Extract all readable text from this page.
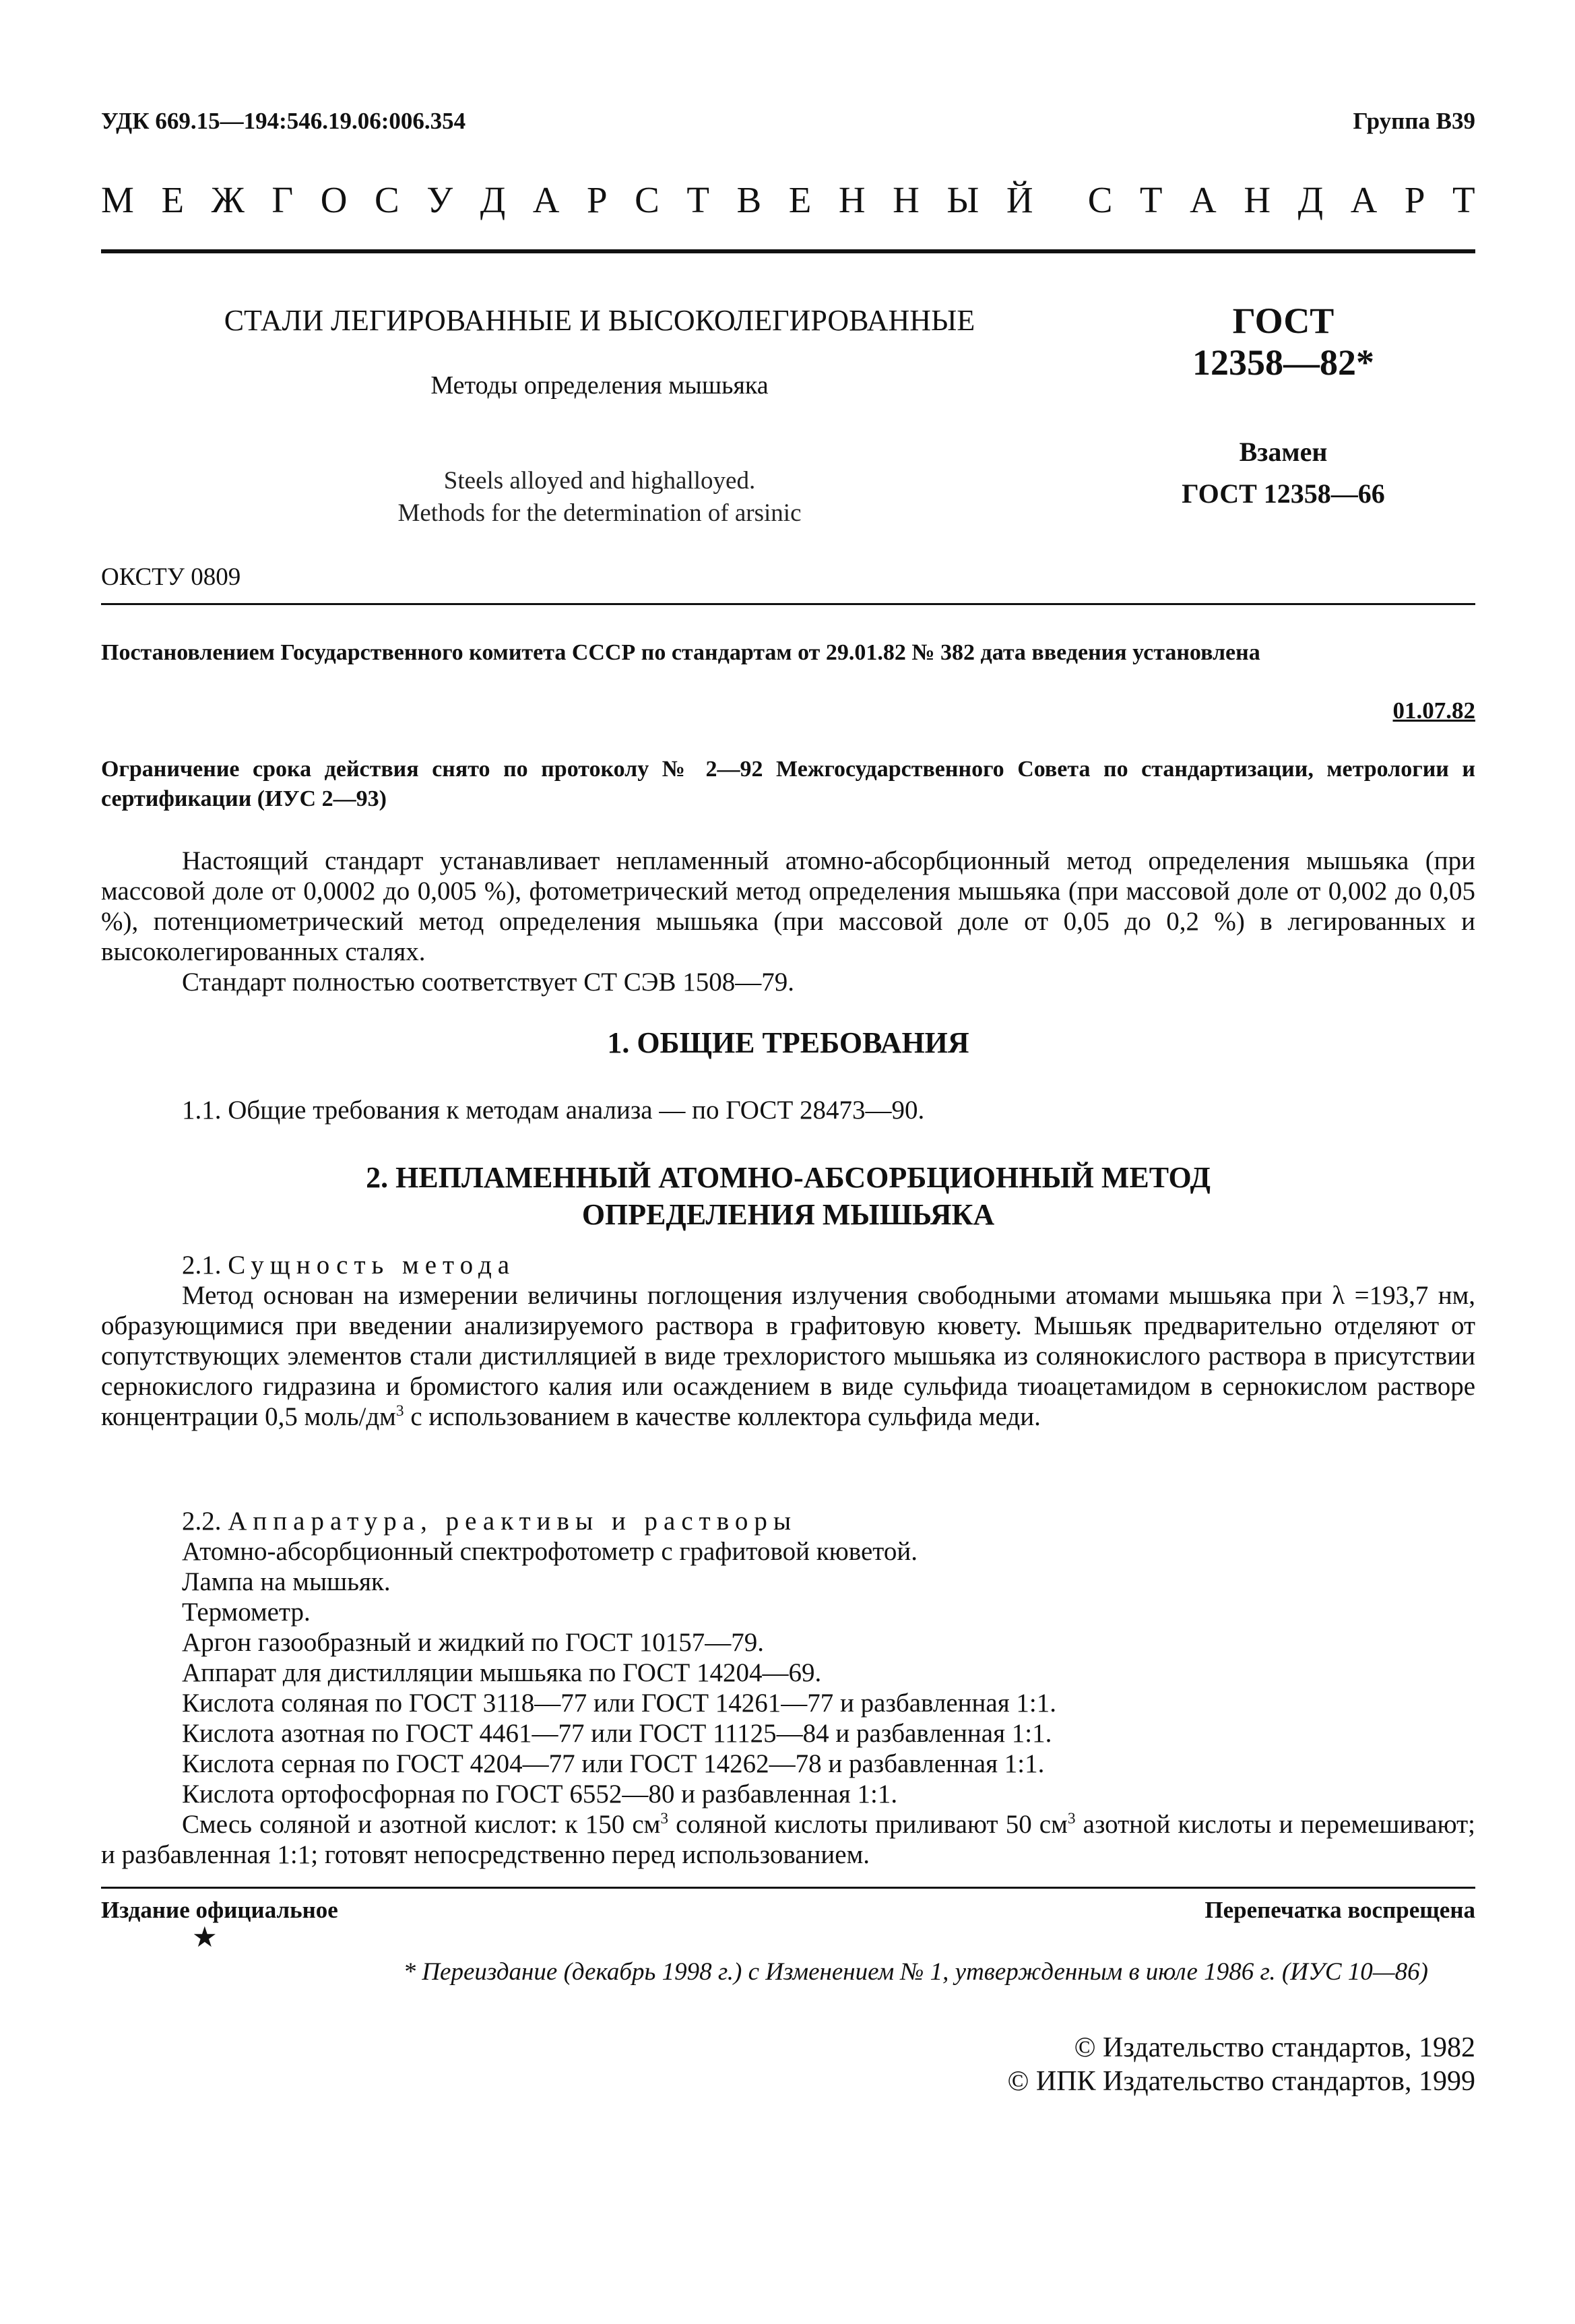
УДК 669.15—194:546.19.06:006.354	Группа В39
М Е Ж Г О С У Д А Р С Т В Е Н Н Ы Й С Т А Н Д А Р Т
СТАЛИ ЛЕГИРОВАННЫЕ И ВЫСОКОЛЕГИРОВАННЫЕ
Методы определения мышьяка
Steels alloyed and highalloyed.
Methods for the determination of arsinic
ГОСТ
12358—82*
Взамен
ГОСТ 12358—66
ОКСТУ 0809
Постановлением Государственного комитета СССР по стандартам от 29.01.82 № 382 дата введения установлена
01.07.82
Ограничение срока действия снято по протоколу № 2—92 Межгосударственного Совета по стандартизации, метрологии и сертификации (ИУС 2—93)

Настоящий стандарт устанавливает непламенный атомно-абсорбционный метод определения мышьяка (при массовой доле от 0,0002 до 0,005 %), фотометрический метод определения мышьяка (при массовой доле от 0,002 до 0,05 %), потенциометрический метод определения мышьяка (при массовой доле от 0,05 до 0,2 %) в легированных и высоколегированных сталях.

Стандарт полностью соответствует СТ СЭВ 1508—79.

1. ОБЩИЕ ТРЕБОВАНИЯ

1.1. Общие требования к методам анализа — по ГОСТ 28473—90.

2. НЕПЛАМЕННЫЙ АТОМНО-АБСОРБЦИОННЫЙ МЕТОД
ОПРЕДЕЛЕНИЯ МЫШЬЯКА

2.1. Сущность метода

Метод основан на измерении величины поглощения излучения свободными атомами мышьяка при λ =193,7 нм, образующимися при введении анализируемого раствора в графитовую кювету. Мышьяк предварительно отделяют от сопутствующих элементов стали дистилляцией в виде трехлористого мышьяка из солянокислого раствора в присутствии сернокислого гидразина и бромистого калия или осаждением в виде сульфида тиоацетамидом в сернокислом растворе концентрации 0,5 моль/$дм^3$ с использованием в качестве коллектора сульфида меди.

2.2. Аппаратура, реактивы и растворы
Атомно-абсорбционный спектрофотометр с графитовой кюветой.
Лампа на мышьяк.
Термометр.
Аргон газообразный и жидкий по ГОСТ 10157—79.
Аппарат для дистилляции мышьяка по ГОСТ 14204—69.
Кислота соляная по ГОСТ 3118—77 или ГОСТ 14261—77 и разбавленная 1:1.
Кислота азотная по ГОСТ 4461—77 или ГОСТ 11125—84 и разбавленная 1:1.
Кислота серная по ГОСТ 4204—77 или ГОСТ 14262—78 и разбавленная 1:1.
Кислота ортофосфорная по ГОСТ 6552—80 и разбавленная 1:1.
Смесь соляной и азотной кислот: к 150 $см^3$ соляной кислоты приливают 50 $см^3$ азотной кислоты и перемешивают; и разбавленная 1:1; готовят непосредственно перед использованием.
Издание официальное
★
Перепечатка воспрещена
* Переиздание (декабрь 1998 г.) с Изменением № 1, утвержденным в июле 1986 г. (ИУС 10—86)
© Издательство стандартов, 1982
© ИПК Издательство стандартов, 1999
